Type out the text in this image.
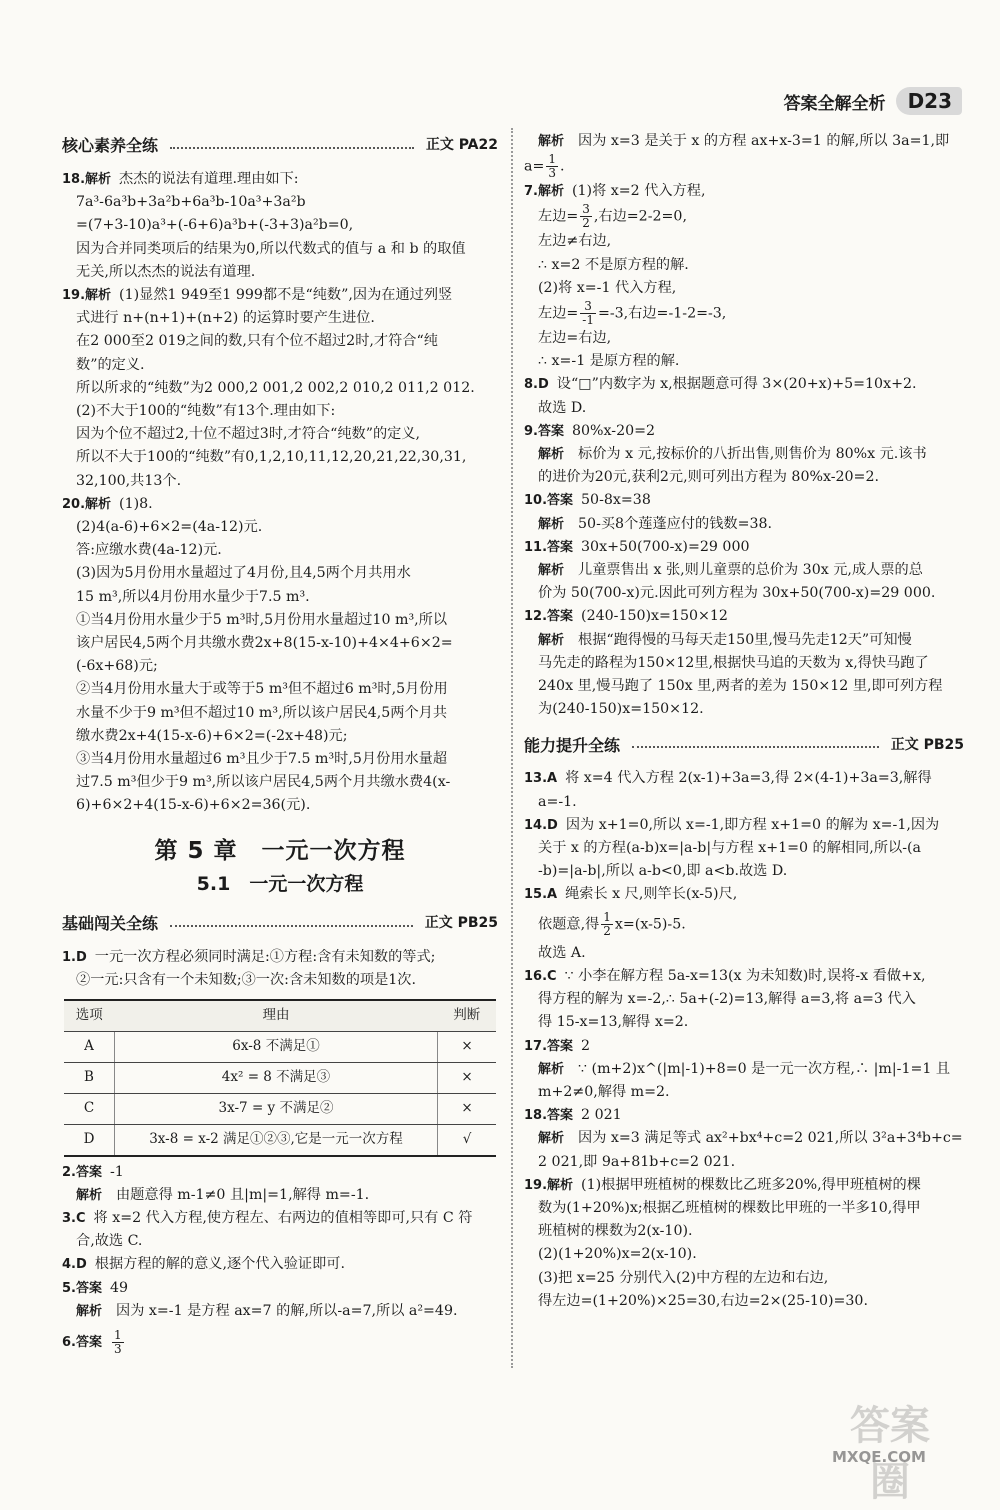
答案全解全析	D23
核心素养全练	正文 PA22

18.解析 杰杰的说法有道理.理由如下:

7a³-6a³b+3a²b+6a³b-10a³+3a²b

=(7+3-10)a³+(-6+6)a³b+(-3+3)a²b=0,

因为合并同类项后的结果为0,所以代数式的值与 a 和 b 的取值

无关,所以杰杰的说法有道理.

19.解析 (1)显然1 949至1 999都不是“纯数”,因为在通过列竖

式进行 n+(n+1)+(n+2) 的运算时要产生进位.

在2 000至2 019之间的数,只有个位不超过2时,才符合“纯

数”的定义.

所以所求的“纯数”为2 000,2 001,2 002,2 010,2 011,2 012.

(2)不大于100的“纯数”有13个.理由如下:

因为个位不超过2,十位不超过3时,才符合“纯数”的定义,

所以不大于100的“纯数”有0,1,2,10,11,12,20,21,22,30,31,

32,100,共13个.

20.解析 (1)8.

(2)4(a-6)+6×2=(4a-12)元.

答:应缴水费(4a-12)元.

(3)因为5月份用水量超过了4月份,且4,5两个月共用水

15 m³,所以4月份用水量少于7.5 m³.

①当4月份用水量少于5 m³时,5月份用水量超过10 m³,所以

该户居民4,5两个月共缴水费2x+8(15-x-10)+4×4+6×2=

(-6x+68)元;

②当4月份用水量大于或等于5 m³但不超过6 m³时,5月份用

水量不少于9 m³但不超过10 m³,所以该户居民4,5两个月共

缴水费2x+4(15-x-6)+6×2=(-2x+48)元;

③当4月份用水量超过6 m³且少于7.5 m³时,5月份用水量超

过7.5 m³但少于9 m³,所以该户居民4,5两个月共缴水费4(x-

6)+6×2+4(15-x-6)+6×2=36(元).

第 5 章　一元一次方程
5.1　一元一次方程
基础闯关全练	正文 PB25

1.D 一元一次方程必须同时满足:①方程:含有未知数的等式;

②一元:只含有一个未知数;③一次:含未知数的项是1次.

选项	理由	判断
A	6x-8 不满足①	×
B	4x² = 8 不满足③	×
C	3x-7 = y 不满足②	×
D	3x-8 = x-2 满足①②③,它是一元一次方程	√

2.答案 -1

解析 由题意得 m-1≠0 且|m|=1,解得 m=-1.

3.C 将 x=2 代入方程,使方程左、右两边的值相等即可,只有 C 符

合,故选 C.

4.D 根据方程的解的意义,逐个代入验证即可.

5.答案 49

解析 因为 x=-1 是方程 ax=7 的解,所以-a=7,所以 a²=49.

6.答案 $\frac{1}{3}$

解析 因为 x=3 是关于 x 的方程 ax+x-3=1 的解,所以 3a=1,即

$a= \frac{1}{3}$ .

7.解析 (1)将 x=2 代入方程,

左边= $\frac{3}{2}$ ,右边=2-2=0,

左边≠右边,

∴ x=2 不是原方程的解.

(2)将 x=-1 代入方程,

左边= $\frac{3}{-1} =-3$,右边=-1-2=-3,

左边=右边,

∴ x=-1 是原方程的解.

8.D 设“□”内数字为 x,根据题意可得 3×(20+x)+5=10x+2.

故选 D.

9.答案 80%x-20=2

解析 标价为 x 元,按标价的八折出售,则售价为 80%x 元.该书

的进价为20元,获利2元,则可列出方程为 80%x-20=2.

10.答案 50-8x=38

解析 50-买8个莲蓬应付的钱数=38.

11.答案 30x+50(700-x)=29 000

解析 儿童票售出 x 张,则儿童票的总价为 30x 元,成人票的总

价为 50(700-x)元.因此可列方程为 30x+50(700-x)=29 000.

12.答案 (240-150)x=150×12

解析 根据“跑得慢的马每天走150里,慢马先走12天”可知慢

马先走的路程为150×12里,根据快马追的天数为 x,得快马跑了

240x 里,慢马跑了 150x 里,两者的差为 150×12 里,即可列方程

为(240-150)x=150×12.

能力提升全练	正文 PB25

13.A 将 x=4 代入方程 2(x-1)+3a=3,得 2×(4-1)+3a=3,解得

a=-1.

14.D 因为 x+1=0,所以 x=-1,即方程 x+1=0 的解为 x=-1,因为

关于 x 的方程(a-b)x=|a-b|与方程 x+1=0 的解相同,所以-(a

-b)=|a-b|,所以 a-b<0,即 a<b.故选 D.

15.A 绳索长 x 尺,则竿长(x-5)尺,

依题意,得 $\frac{1}{2} x=(x-5)-5$.

故选 A.

16.C ∵ 小李在解方程 5a-x=13(x 为未知数)时,误将-x 看做+x,

得方程的解为 x=-2,∴ 5a+(-2)=13,解得 a=3,将 a=3 代入

得 15-x=13,解得 x=2.

17.答案 2

解析 ∵ (m+2)x^(|m|-1)+8=0 是一元一次方程,∴ |m|-1=1 且

m+2≠0,解得 m=2.

18.答案 2 021

解析 因为 x=3 满足等式 ax²+bx⁴+c=2 021,所以 3²a+3⁴b+c=

2 021,即 9a+81b+c=2 021.

19.解析 (1)根据甲班植树的棵数比乙班多20%,得甲班植树的棵

数为(1+20%)x;根据乙班植树的棵数比甲班的一半多10,得甲

班植树的棵数为2(x-10).

(2)(1+20%)x=2(x-10).

(3)把 x=25 分别代入(2)中方程的左边和右边,

得左边=(1+20%)×25=30,右边=2×(25-10)=30.

答案圈
MXQE.COM
